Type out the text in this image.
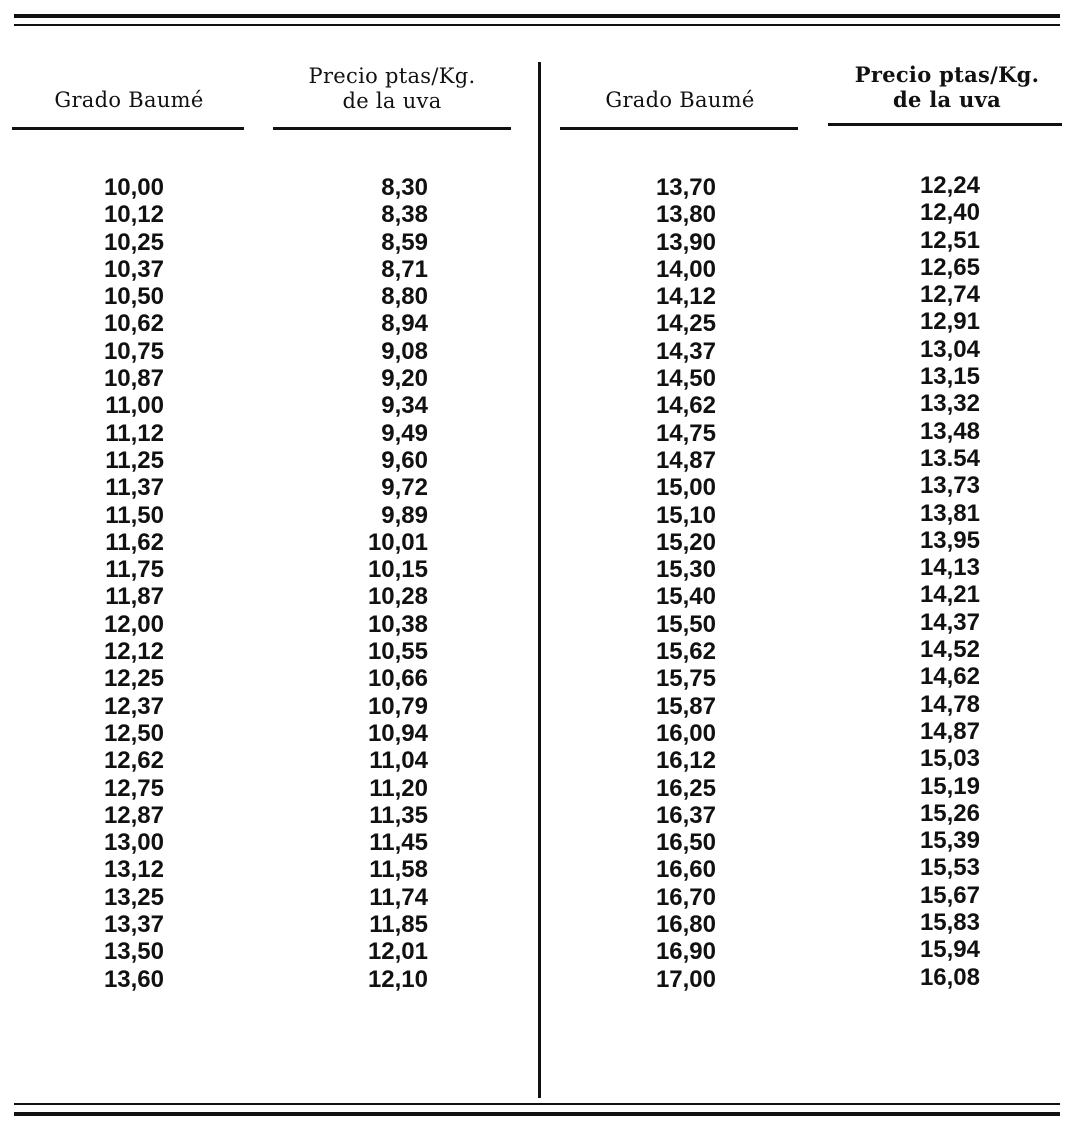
Grado Baumé
Precio ptas/Kg.
de la uva	Grado Baumé
Precio ptas/Kg.
de la uva
10,00
10,12
10,25
10,37
10,50
10,62
10,75
10,87
11,00
11,12
11,25
11,37
11,50
11,62
11,75
11,87
12,00
12,12
12,25
12,37
12,50
12,62
12,75
12,87
13,00
13,12
13,25
13,37
13,50
13,60
8,30
8,38
8,59
8,71
8,80
8,94
9,08
9,20
9,34
9,49
9,60
9,72
9,89
10,01
10,15
10,28
10,38
10,55
10,66
10,79
10,94
11,04
11,20
11,35
11,45
11,58
11,74
11,85
12,01
12,10
13,70
13,80
13,90
14,00
14,12
14,25
14,37
14,50
14,62
14,75
14,87
15,00
15,10
15,20
15,30
15,40
15,50
15,62
15,75
15,87
16,00
16,12
16,25
16,37
16,50
16,60
16,70
16,80
16,90
17,00
12,24
12,40
12,51
12,65
12,74
12,91
13,04
13,15
13,32
13,48
13.54
13,73
13,81
13,95
14,13
14,21
14,37
14,52
14,62
14,78
14,87
15,03
15,19
15,26
15,39
15,53
15,67
15,83
15,94
16,08
